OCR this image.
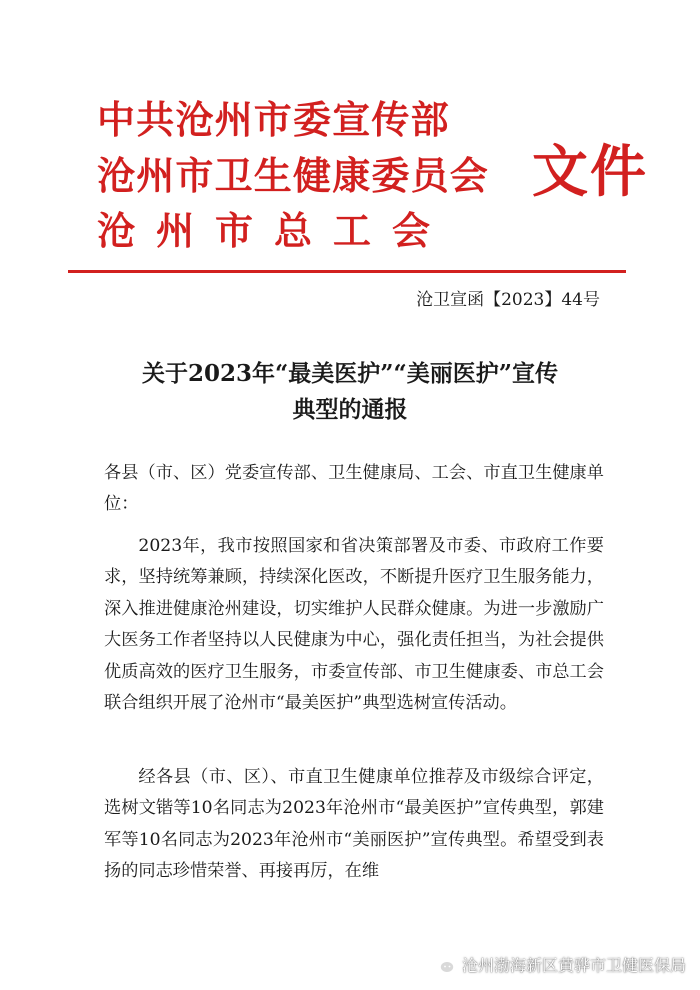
中共沧州市委宣传部
沧州市卫生健康委员会
沧州市总工会
文件
沧卫宣函【2023】44号
关于2023年“最美医护”“美丽医护”宣传
典型的通报
各县（市、区）党委宣传部、卫生健康局、工会、市直卫生健康单位：
2023年，我市按照国家和省决策部署及市委、市政府工作要求，坚持统筹兼顾，持续深化医改，不断提升医疗卫生服务能力，深入推进健康沧州建设，切实维护人民群众健康。为进一步激励广大医务工作者坚持以人民健康为中心，强化责任担当，为社会提供优质高效的医疗卫生服务，市委宣传部、市卫生健康委、市总工会联合组织开展了沧州市“最美医护”典型选树宣传活动。
经各县（市、区）、市直卫生健康单位推荐及市级综合评定，选树文锴等10名同志为2023年沧州市“最美医护”宣传典型，郭建军等10名同志为2023年沧州市“美丽医护”宣传典型。希望受到表扬的同志珍惜荣誉、再接再厉，在维
沧州渤海新区黄骅市卫健医保局
